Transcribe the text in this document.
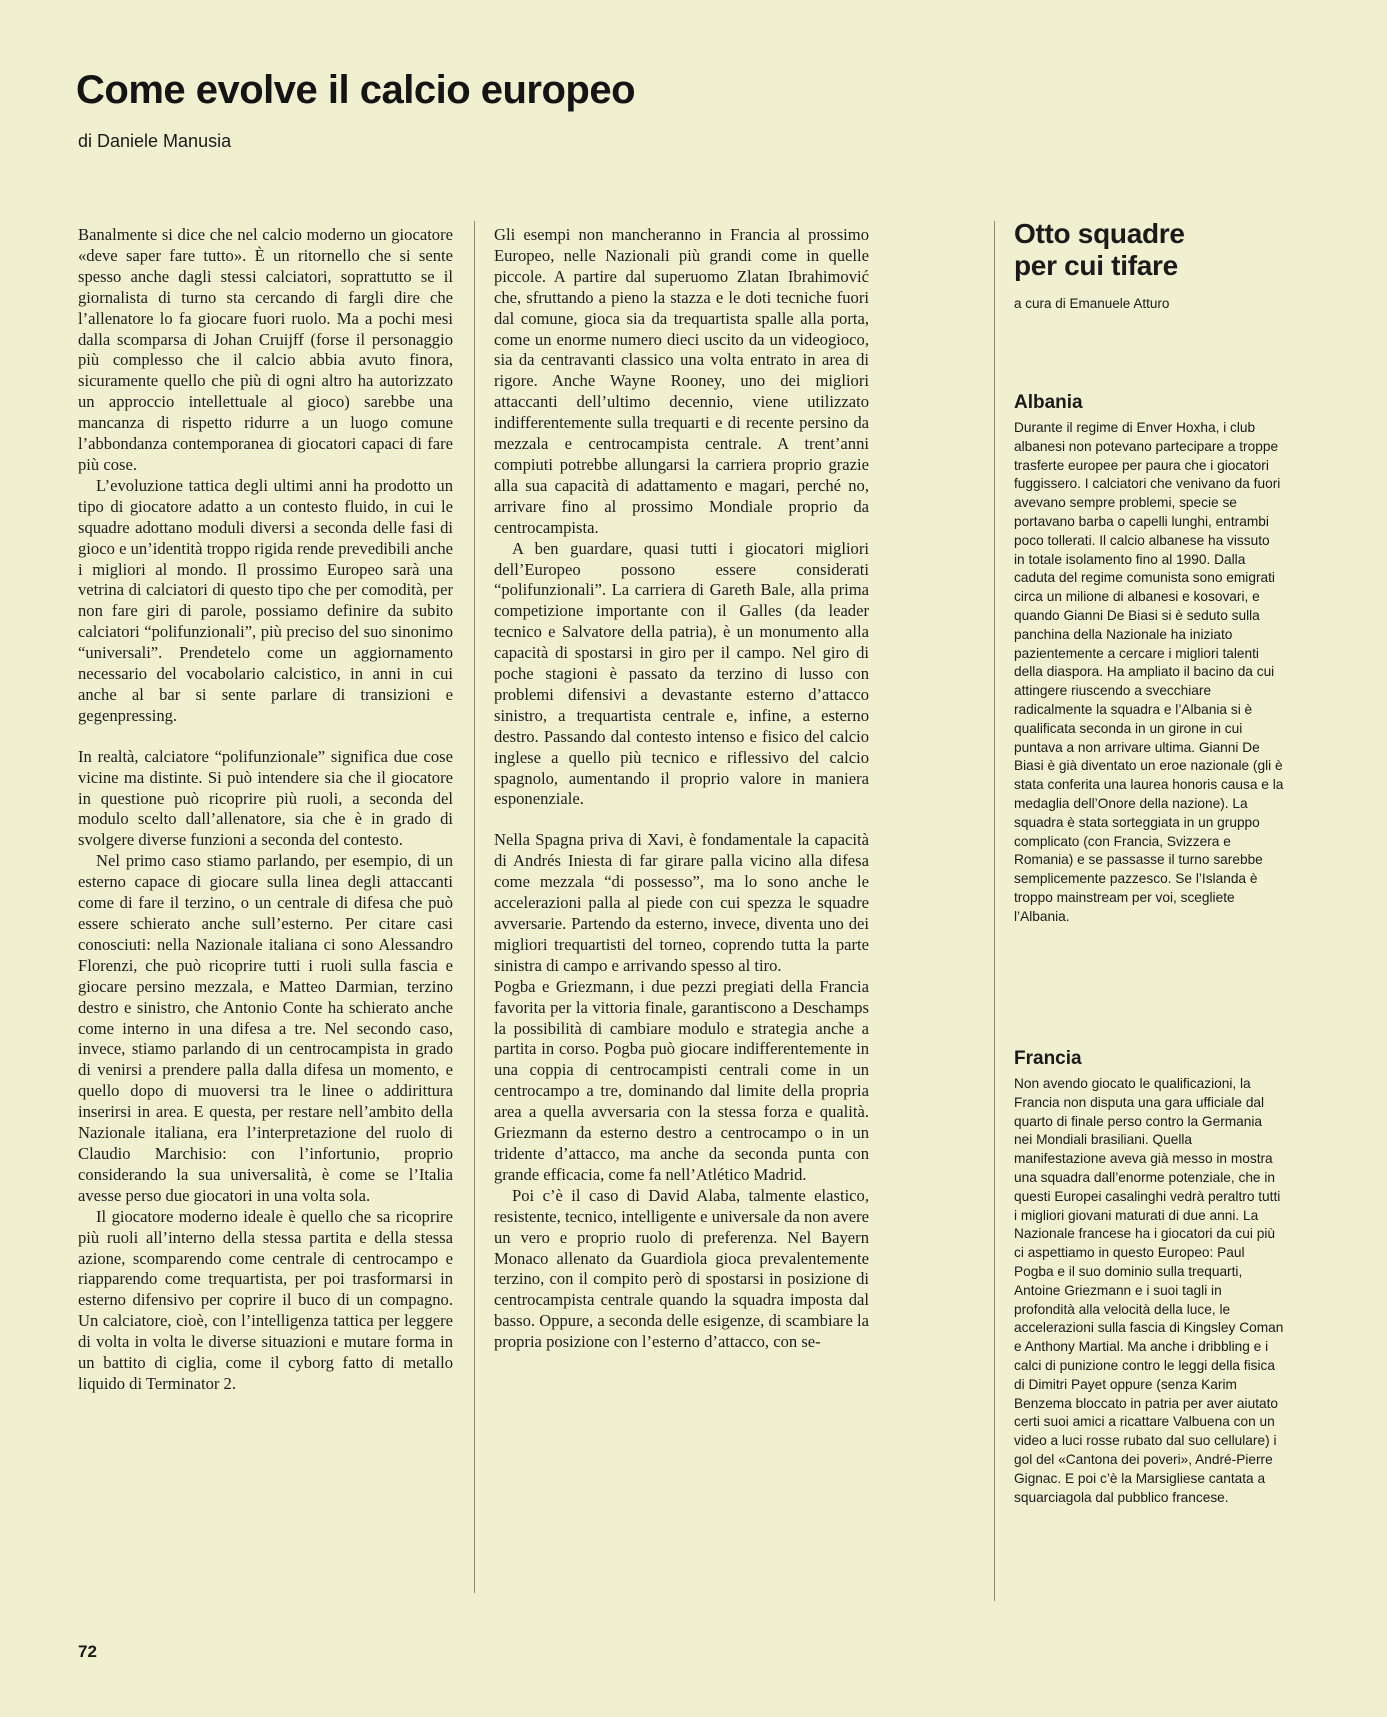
Come evolve il calcio europeo
di Daniele Manusia

Banalmente si dice che nel calcio moderno un giocatore «deve saper fare tutto». È un ritornello che si sente spesso anche dagli stessi calciatori, soprattutto se il giornalista di turno sta cercando di fargli dire che l’allenatore lo fa giocare fuori ruolo. Ma a pochi mesi dalla scomparsa di Johan Cruijff (forse il personaggio più complesso che il calcio abbia avuto finora, sicuramente quello che più di ogni altro ha autorizzato un approccio intellettuale al gioco) sarebbe una mancanza di rispetto ridurre a un luogo comune l’abbondanza contemporanea di giocatori capaci di fare più cose.

L’evoluzione tattica degli ultimi anni ha prodotto un tipo di giocatore adatto a un contesto fluido, in cui le squadre adottano moduli diversi a seconda delle fasi di gioco e un’identità troppo rigida rende prevedibili anche i migliori al mondo. Il prossimo Europeo sarà una vetrina di calciatori di questo tipo che per comodità, per non fare giri di parole, possiamo definire da subito calciatori “polifunzionali”, più preciso del suo sinonimo “universali”. Prendetelo come un aggiornamento necessario del vocabolario calcistico, in anni in cui anche al bar si sente parlare di transizioni e gegenpressing.

In realtà, calciatore “polifunzionale” significa due cose vicine ma distinte. Si può intendere sia che il giocatore in questione può ricoprire più ruoli, a seconda del modulo scelto dall’allenatore, sia che è in grado di svolgere diverse funzioni a seconda del contesto.

Nel primo caso stiamo parlando, per esempio, di un esterno capace di giocare sulla linea degli attaccanti come di fare il terzino, o un centrale di difesa che può essere schierato anche sull’esterno. Per citare casi conosciuti: nella Nazionale italiana ci sono Alessandro Florenzi, che può ricoprire tutti i ruoli sulla fascia e giocare persino mezzala, e Matteo Darmian, terzino destro e sinistro, che Antonio Conte ha schierato anche come interno in una difesa a tre. Nel secondo caso, invece, stiamo parlando di un centrocampista in grado di venirsi a prendere palla dalla difesa un momento, e quello dopo di muoversi tra le linee o addirittura inserirsi in area. E questa, per restare nell’ambito della Nazionale italiana, era l’interpretazione del ruolo di Claudio Marchisio: con l’infortunio, proprio considerando la sua universalità, è come se l’Italia avesse perso due giocatori in una volta sola.

Il giocatore moderno ideale è quello che sa ricoprire più ruoli all’interno della stessa partita e della stessa azione, scomparendo come centrale di centrocampo e riapparendo come trequartista, per poi trasformarsi in esterno difensivo per coprire il buco di un compagno. Un calciatore, cioè, con l’intelligenza tattica per leggere di volta in volta le diverse situazioni e mutare forma in un battito di ciglia, come il cyborg fatto di metallo liquido di Terminator 2.

Gli esempi non mancheranno in Francia al prossimo Europeo, nelle Nazionali più grandi come in quelle piccole. A partire dal superuomo Zlatan Ibrahimović che, sfruttando a pieno la stazza e le doti tecniche fuori dal comune, gioca sia da trequartista spalle alla porta, come un enorme numero dieci uscito da un videogioco, sia da centravanti classico una volta entrato in area di rigore. Anche Wayne Rooney, uno dei migliori attaccanti dell’ultimo decennio, viene utilizzato indifferentemente sulla trequarti e di recente persino da mezzala e centrocampista centrale. A trent’anni compiuti potrebbe allungarsi la carriera proprio grazie alla sua capacità di adattamento e magari, perché no, arrivare fino al prossimo Mondiale proprio da centrocampista.

A ben guardare, quasi tutti i giocatori migliori dell’Europeo possono essere considerati “polifunzionali”. La carriera di Gareth Bale, alla prima competizione importante con il Galles (da leader tecnico e Salvatore della patria), è un monumento alla capacità di spostarsi in giro per il campo. Nel giro di poche stagioni è passato da terzino di lusso con problemi difensivi a devastante esterno d’attacco sinistro, a trequartista centrale e, infine, a esterno destro. Passando dal contesto intenso e fisico del calcio inglese a quello più tecnico e riflessivo del calcio spagnolo, aumentando il proprio valore in maniera esponenziale.

Nella Spagna priva di Xavi, è fondamentale la capacità di Andrés Iniesta di far girare palla vicino alla difesa come mezzala “di possesso”, ma lo sono anche le accelerazioni palla al piede con cui spezza le squadre avversarie. Partendo da esterno, invece, diventa uno dei migliori trequartisti del torneo, coprendo tutta la parte sinistra di campo e arrivando spesso al tiro.

Pogba e Griezmann, i due pezzi pregiati della Francia favorita per la vittoria finale, garantiscono a Deschamps la possibilità di cambiare modulo e strategia anche a partita in corso. Pogba può giocare indifferentemente in una coppia di centrocampisti centrali come in un centrocampo a tre, dominando dal limite della propria area a quella avversaria con la stessa forza e qualità. Griezmann da esterno destro a centrocampo o in un tridente d’attacco, ma anche da seconda punta con grande efficacia, come fa nell’Atlético Madrid.

Poi c’è il caso di David Alaba, talmente elastico, resistente, tecnico, intelligente e universale da non avere un vero e proprio ruolo di preferenza. Nel Bayern Monaco allenato da Guardiola gioca prevalentemente terzino, con il compito però di spostarsi in posizione di centrocampista centrale quando la squadra imposta dal basso. Oppure, a seconda delle esigenze, di scambiare la propria posizione con l’esterno d’attacco, con se-

Otto squadre
per cui tifare
a cura di Emanuele Atturo
Albania

Durante il regime di Enver Hoxha, i club albanesi non potevano partecipare a troppe trasferte europee per paura che i giocatori fuggissero. I calciatori che venivano da fuori avevano sempre problemi, specie se portavano barba o capelli lunghi, entrambi poco tollerati. Il calcio albanese ha vissuto in totale isolamento fino al 1990. Dalla caduta del regime comunista sono emigrati circa un milione di albanesi e kosovari, e quando Gianni De Biasi si è seduto sulla panchina della Nazionale ha iniziato pazientemente a cercare i migliori talenti della diaspora. Ha ampliato il bacino da cui attingere riuscendo a svecchiare radicalmente la squadra e l’Albania si è qualificata seconda in un girone in cui puntava a non arrivare ultima. Gianni De Biasi è già diventato un eroe nazionale (gli è stata conferita una laurea honoris causa e la medaglia dell’Onore della nazione). La squadra è stata sorteggiata in un gruppo complicato (con Francia, Svizzera e Romania) e se passasse il turno sarebbe semplicemente pazzesco. Se l’Islanda è troppo mainstream per voi, scegliete l’Albania.

Francia

Non avendo giocato le qualificazioni, la Francia non disputa una gara ufficiale dal quarto di finale perso contro la Germania nei Mondiali brasiliani. Quella manifestazione aveva già messo in mostra una squadra dall’enorme potenziale, che in questi Europei casalinghi vedrà peraltro tutti i migliori giovani maturati di due anni. La Nazionale francese ha i giocatori da cui più ci aspettiamo in questo Europeo: Paul Pogba e il suo dominio sulla trequarti, Antoine Griezmann e i suoi tagli in profondità alla velocità della luce, le accelerazioni sulla fascia di Kingsley Coman e Anthony Martial. Ma anche i dribbling e i calci di punizione contro le leggi della fisica di Dimitri Payet oppure (senza Karim Benzema bloccato in patria per aver aiutato certi suoi amici a ricattare Valbuena con un video a luci rosse rubato dal suo cellulare) i gol del «Cantona dei poveri», André-Pierre Gignac. E poi c’è la Marsigliese cantata a squarciagola dal pubblico francese.

72
